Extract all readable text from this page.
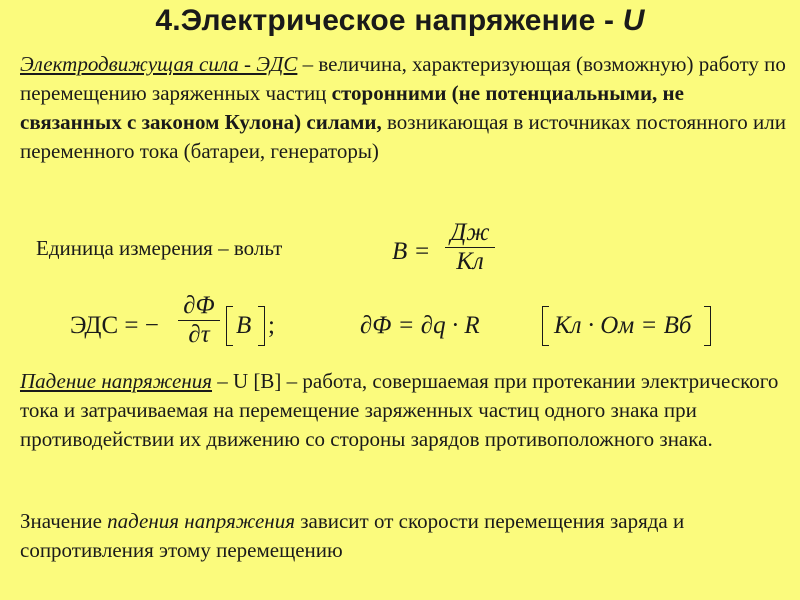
4.Электрическое напряжение - U
Электродвижущая сила - ЭДС – величина, характеризующая (возможную) работу по перемещению заряженных частиц сторонними (не потенциальными, не связанных с законом Кулона) силами, возникающая в источниках постоянного или переменного тока (батареи, генераторы)
Единица измерения – вольт	В =
Дж
Кл
ЭДС = −
∂Φ
∂τ В ;	∂Φ = ∂q · R	Кл · Ом = Вб
Падение напряжения – U [В] – работа, совершаемая при протекании электрического тока и затрачиваемая на перемещение заряженных частиц одного знака при противодействии их движению со стороны зарядов противоположного знака.
Значение падения напряжения зависит от скорости перемещения заряда и сопротивления этому перемещению
